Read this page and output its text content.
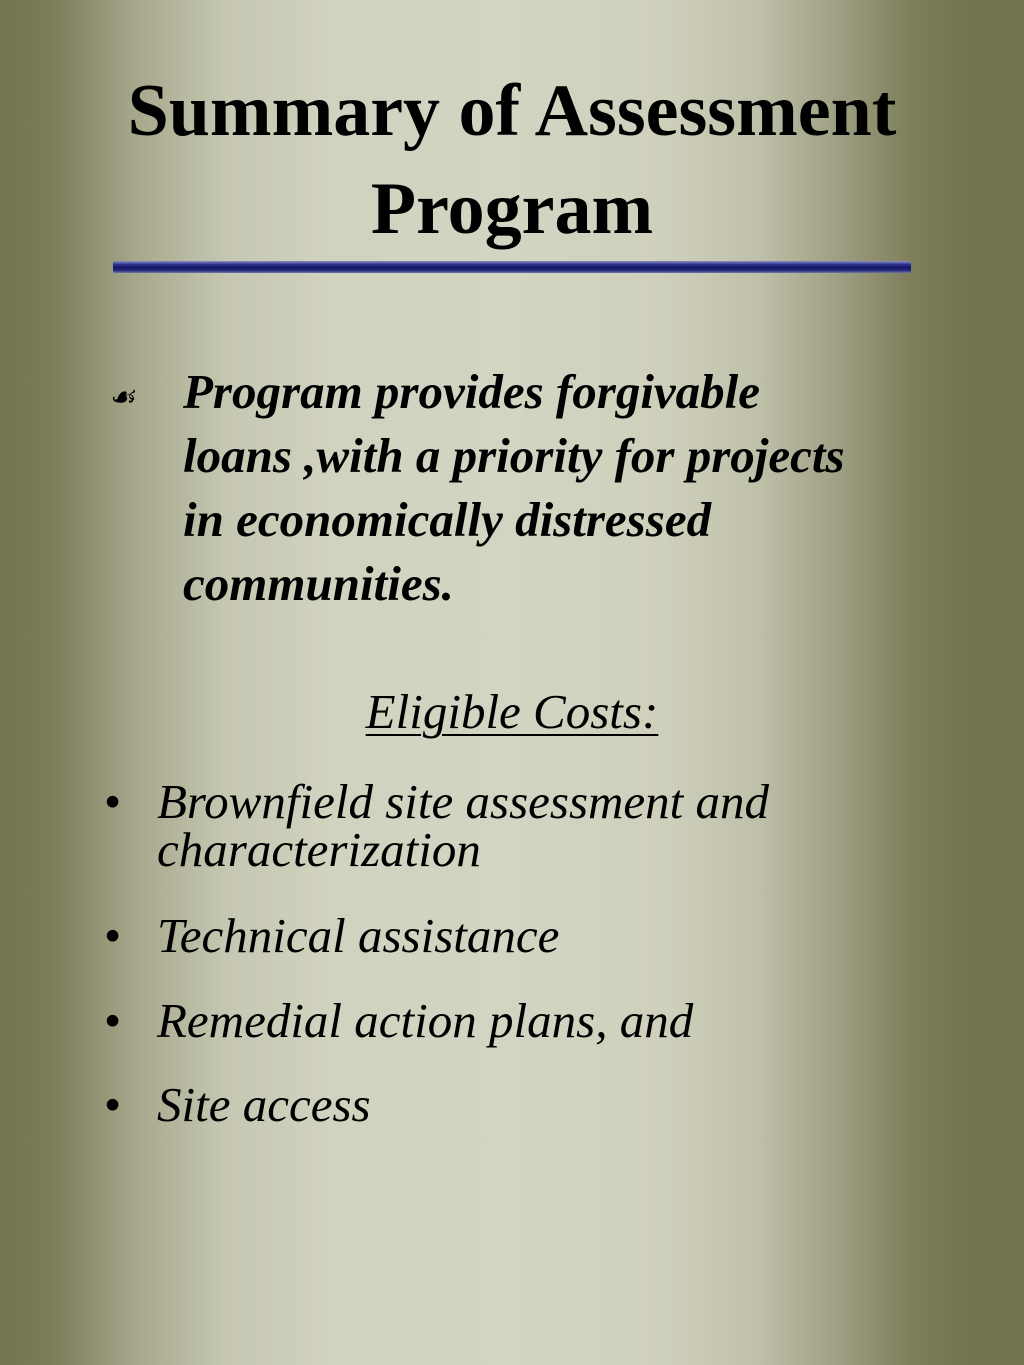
Summary of Assessment
Program
☙ Program provides forgivable
loans ,with a priority for projects
in economically distressed
communities.

Eligible Costs:

• Brownfield site assessment and
characterization
• Technical assistance
• Remedial action plans, and
• Site access
